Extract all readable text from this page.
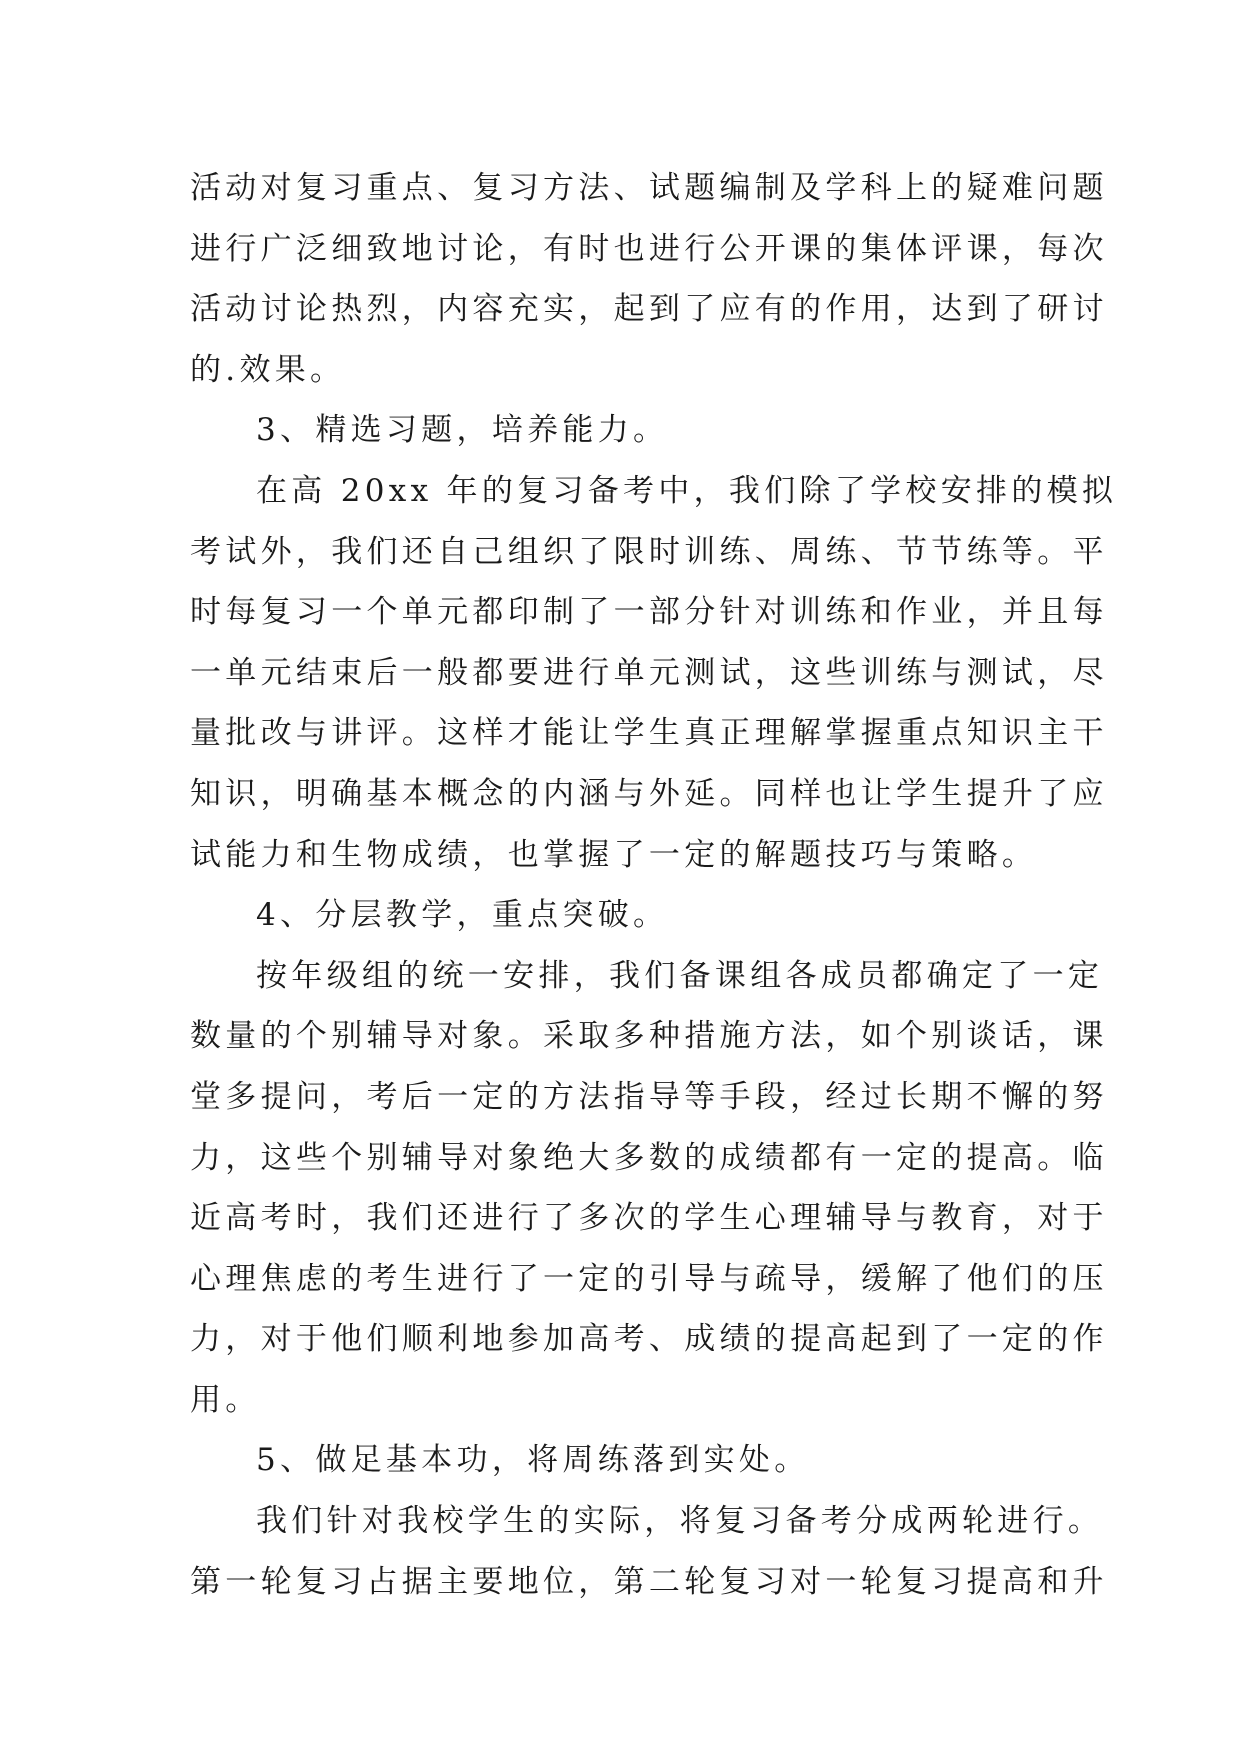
活动对复习重点、复习方法、试题编制及学科上的疑难问题
进行广泛细致地讨论，有时也进行公开课的集体评课，每次
活动讨论热烈，内容充实，起到了应有的作用，达到了研讨
的.效果。
3、精选习题，培养能力。
在高 20xx 年的复习备考中，我们除了学校安排的模拟
考试外，我们还自己组织了限时训练、周练、节节练等。平
时每复习一个单元都印制了一部分针对训练和作业，并且每
一单元结束后一般都要进行单元测试，这些训练与测试，尽
量批改与讲评。这样才能让学生真正理解掌握重点知识主干
知识，明确基本概念的内涵与外延。同样也让学生提升了应
试能力和生物成绩，也掌握了一定的解题技巧与策略。
4、分层教学，重点突破。
按年级组的统一安排，我们备课组各成员都确定了一定
数量的个别辅导对象。采取多种措施方法，如个别谈话，课
堂多提问，考后一定的方法指导等手段，经过长期不懈的努
力，这些个别辅导对象绝大多数的成绩都有一定的提高。临
近高考时，我们还进行了多次的学生心理辅导与教育，对于
心理焦虑的考生进行了一定的引导与疏导，缓解了他们的压
力，对于他们顺利地参加高考、成绩的提高起到了一定的作
用。
5、做足基本功，将周练落到实处。
我们针对我校学生的实际，将复习备考分成两轮进行。
第一轮复习占据主要地位，第二轮复习对一轮复习提高和升
